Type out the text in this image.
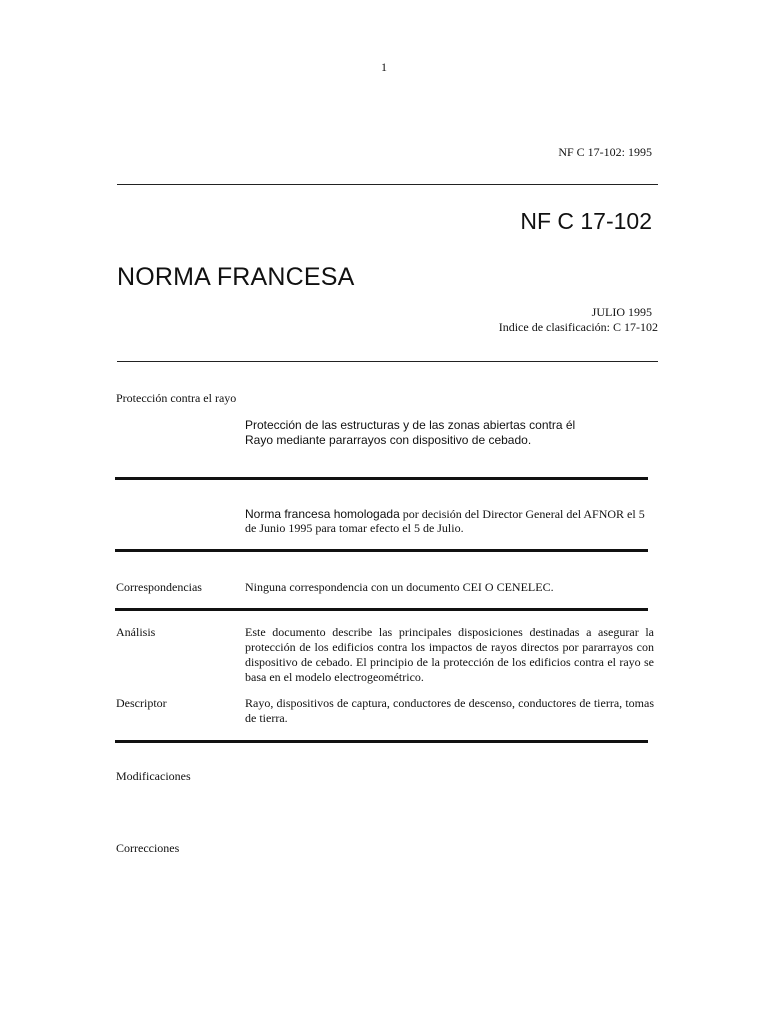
1
NF C 17-102: 1995
NF C 17-102
NORMA FRANCESA
JULIO 1995
Indice de clasificación: C 17-102
Protección contra el rayo
Protección de las estructuras y de las zonas abiertas contra él
Rayo mediante pararrayos con dispositivo de cebado.
Norma francesa homologada por decisión del Director General del AFNOR el 5
de Junio 1995 para tomar efecto el 5 de Julio.
Correspondencias	Ninguna correspondencia con un documento CEI O CENELEC.
Análisis	Este documento describe las principales disposiciones destinadas a asegurar la protección de los edificios contra los impactos de rayos directos por pararrayos con dispositivo de cebado. El principio de la protección de los edificios contra el rayo se basa en el modelo electrogeométrico.
Descriptor	Rayo, dispositivos de captura, conductores de descenso, conductores de tierra, tomas de tierra.
Modificaciones
Correcciones
